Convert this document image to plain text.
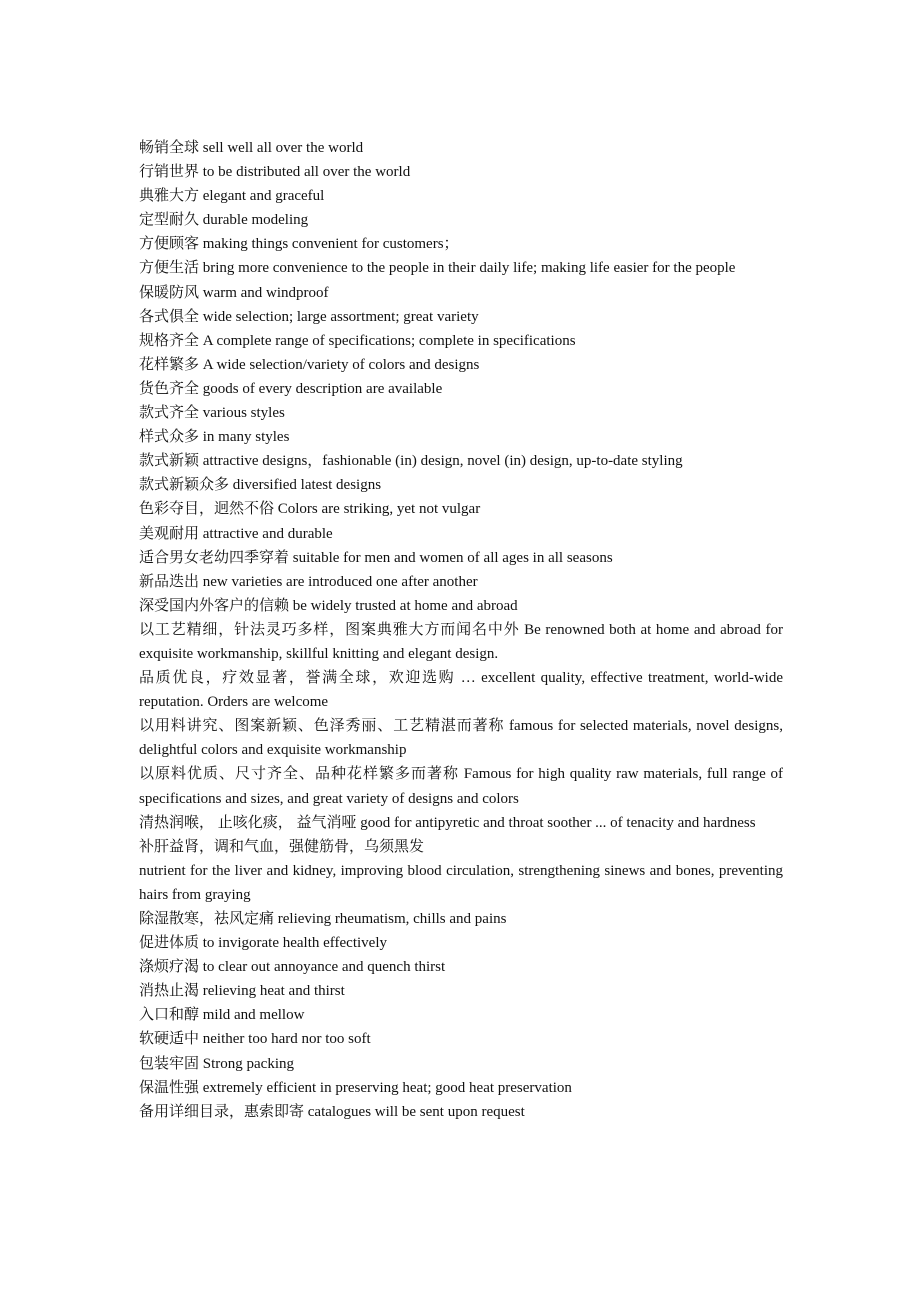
畅销全球 sell well all over the world

行销世界 to be distributed all over the world

典雅大方 elegant and graceful

定型耐久 durable modeling

方便顾客 making things convenient for customers；

方便生活 bring more convenience to the people in their daily life; making life easier for the people

保暖防风 warm and windproof

各式俱全 wide selection; large assortment; great variety

规格齐全 A complete range of specifications; complete in specifications

花样繁多 A wide selection/variety of colors and designs

货色齐全 goods of every description are available

款式齐全 various styles

样式众多 in many styles

款式新颖 attractive designs，fashionable (in) design, novel (in) design, up-to-date styling

款式新颖众多 diversified latest designs

色彩夺目，迥然不俗 Colors are striking, yet not vulgar

美观耐用 attractive and durable

适合男女老幼四季穿着 suitable for men and women of all ages in all seasons

新品迭出 new varieties are introduced one after another

深受国内外客户的信赖 be widely trusted at home and abroad

以工艺精细，针法灵巧多样，图案典雅大方而闻名中外 Be renowned both at home and abroad for exquisite workmanship, skillful knitting and elegant design.

品质优良，疗效显著，誉满全球，欢迎选购 … excellent quality, effective treatment, world-wide reputation. Orders are welcome

以用料讲究、图案新颖、色泽秀丽、工艺精湛而著称 famous for selected materials, novel designs, delightful colors and exquisite workmanship

以原料优质、尺寸齐全、品种花样繁多而著称 Famous for high quality raw materials, full range of specifications and sizes, and great variety of designs and colors

清热润喉， 止咳化痰， 益气消哑 good for antipyretic and throat soother ... of tenacity and hardness

补肝益肾，调和气血，强健筋骨，乌须黑发

nutrient for the liver and kidney, improving blood circulation, strengthening sinews and bones, preventing hairs from graying

除湿散寒，祛风定痛 relieving rheumatism, chills and pains

促进体质 to invigorate health effectively

涤烦疗渴 to clear out annoyance and quench thirst

消热止渴 relieving heat and thirst

入口和醇 mild and mellow

软硬适中 neither too hard nor too soft

包装牢固 Strong packing

保温性强 extremely efficient in preserving heat; good heat preservation

备用详细目录，惠索即寄 catalogues will be sent upon request
